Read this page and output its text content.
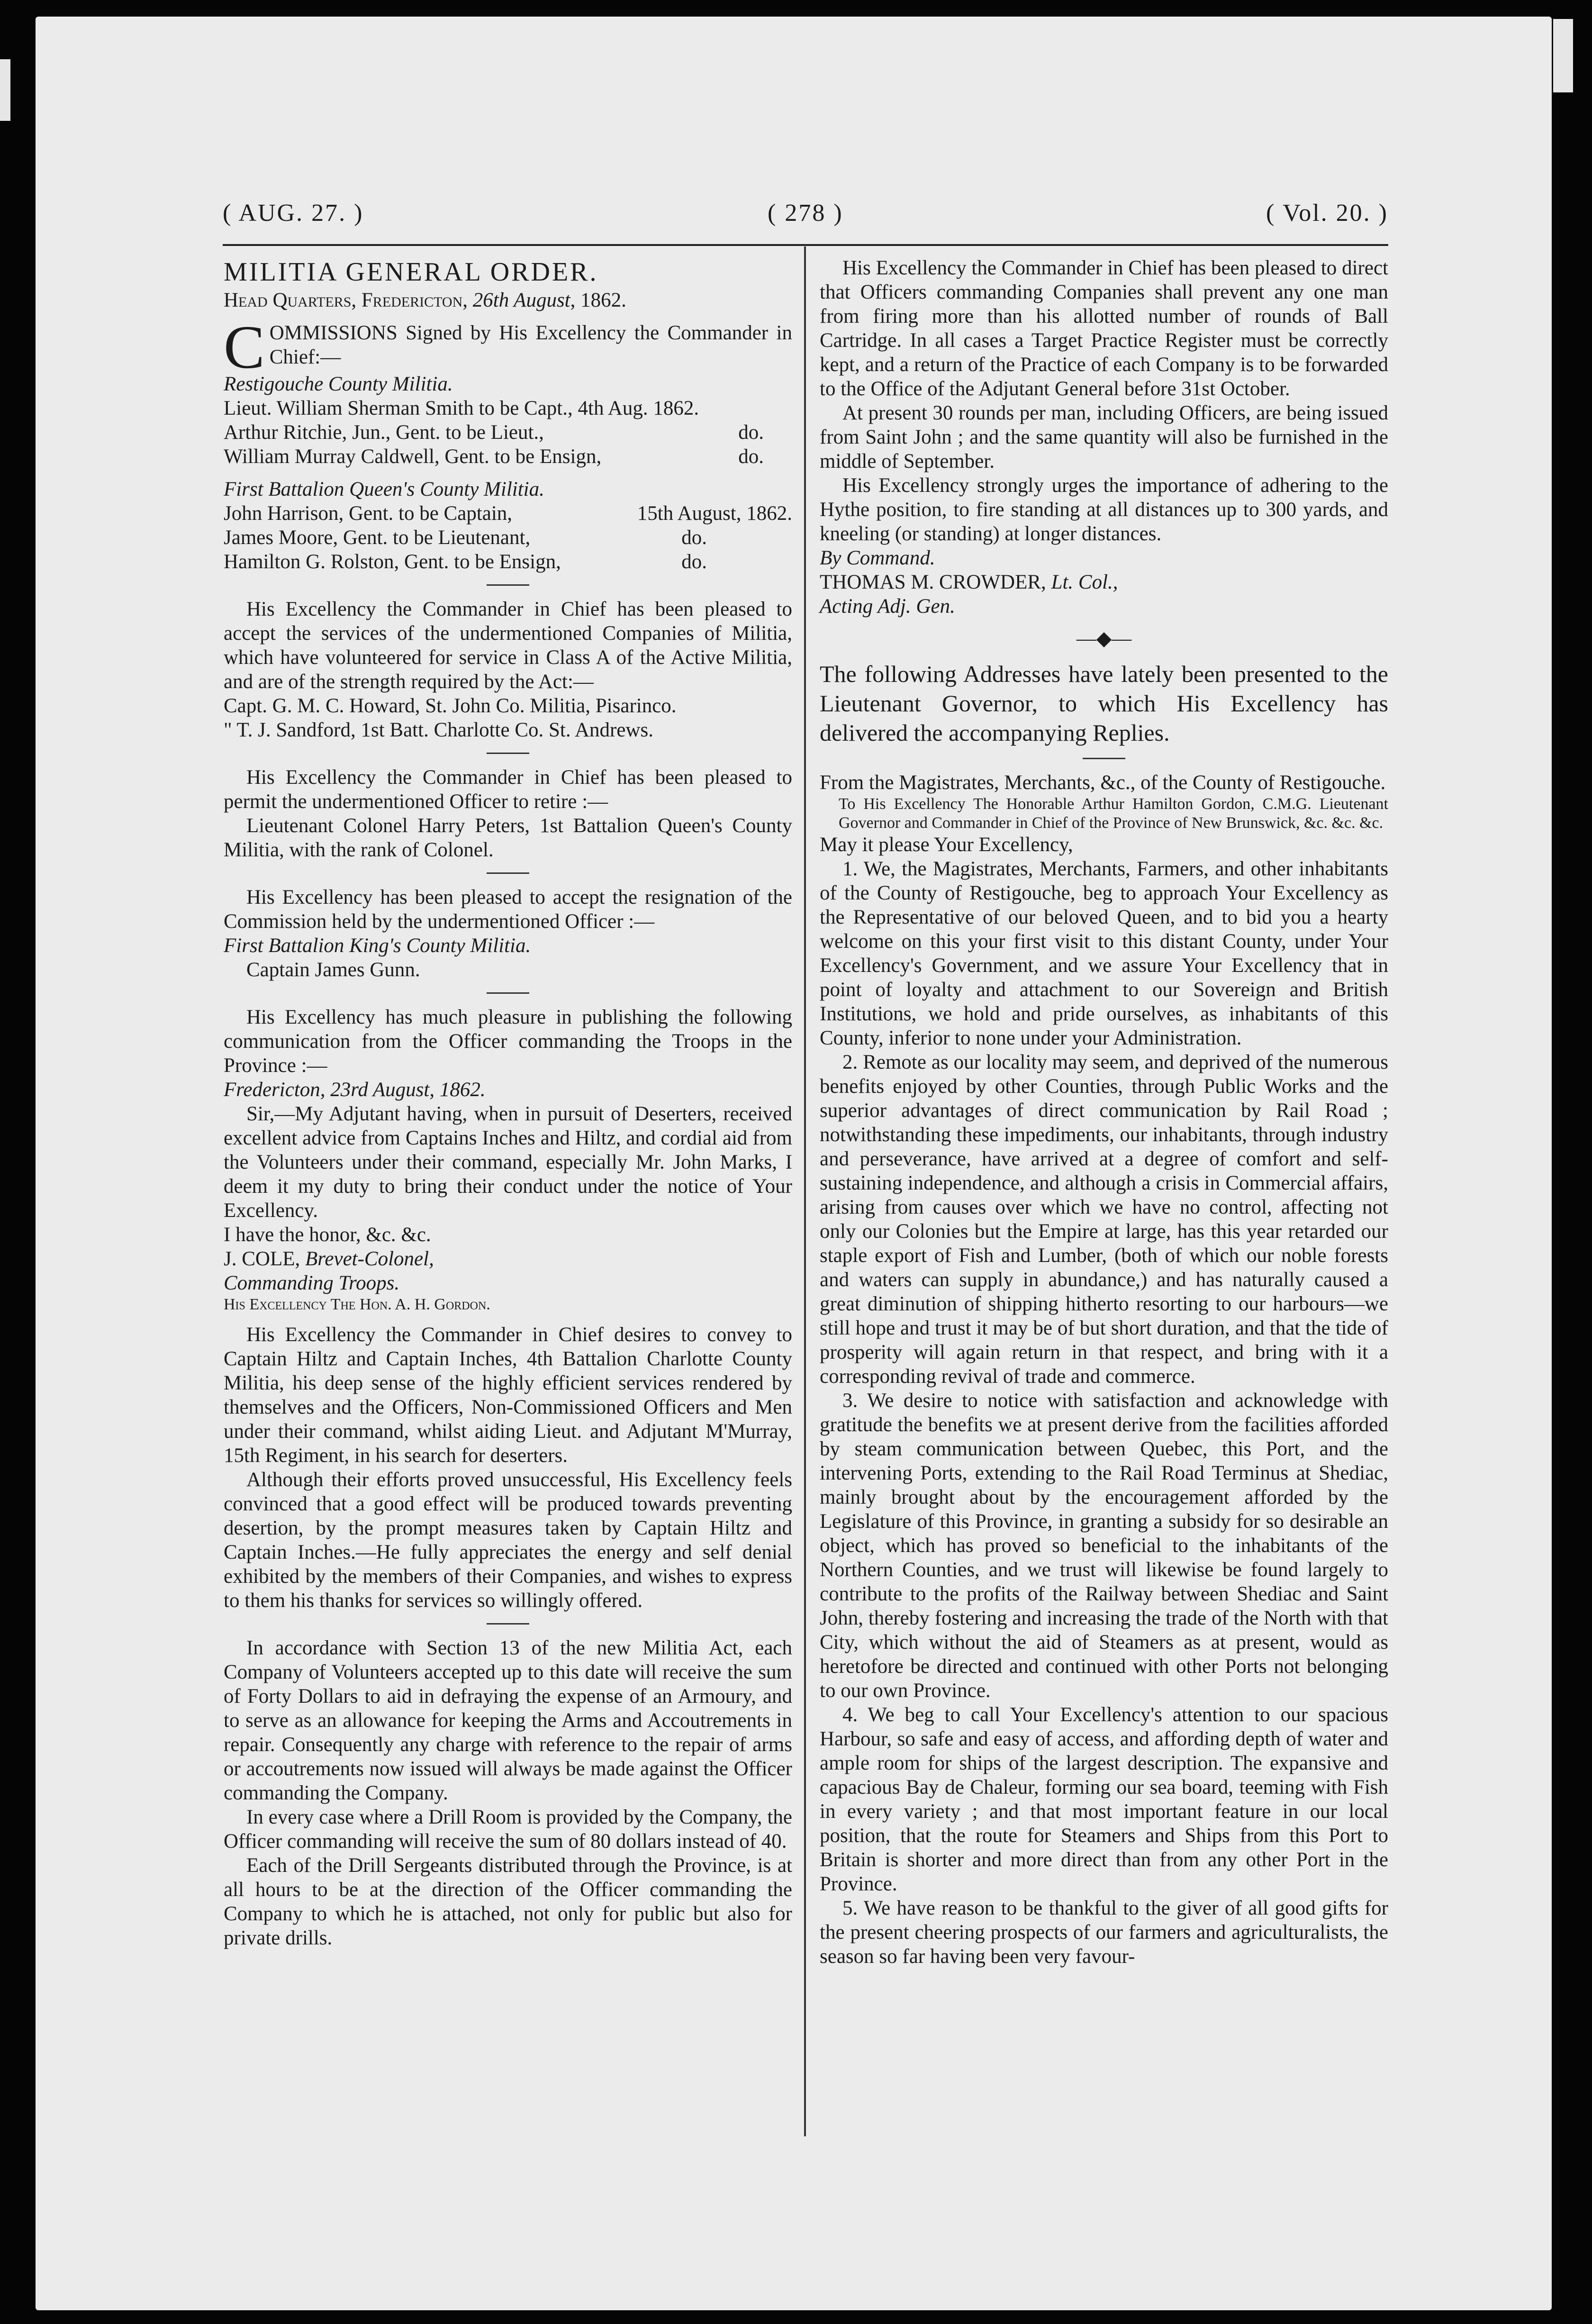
( AUG. 27. )	( 278 )	( Vol. 20. )

MILITIA GENERAL ORDER.

Head Quarters, Fredericton, 26th August, 1862.

COMMISSIONS Signed by His Excellency the Commander in Chief:—

Restigouche County Militia.

Lieut. William Sherman Smith to be Capt., 4th Aug. 1862.
Arthur Ritchie, Jun., Gent. to be Lieut.,	do.
William Murray Caldwell, Gent. to be Ensign,	do.

First Battalion Queen's County Militia.

John Harrison, Gent. to be Captain,	15th August, 1862.
James Moore, Gent. to be Lieutenant,	do.
Hamilton G. Rolston, Gent. to be Ensign,	do.

His Excellency the Commander in Chief has been pleased to accept the services of the undermentioned Companies of Militia, which have volunteered for service in Class A of the Active Militia, and are of the strength required by the Act:—

Capt. G. M. C. Howard, St. John Co. Militia, Pisarinco.

" T. J. Sandford, 1st Batt. Charlotte Co. St. Andrews.

His Excellency the Commander in Chief has been pleased to permit the undermentioned Officer to retire :—

Lieutenant Colonel Harry Peters, 1st Battalion Queen's County Militia, with the rank of Colonel.

His Excellency has been pleased to accept the resignation of the Commission held by the undermentioned Officer :—

First Battalion King's County Militia.

Captain James Gunn.

His Excellency has much pleasure in publishing the following communication from the Officer commanding the Troops in the Province :—

Fredericton, 23rd August, 1862.

Sir,—My Adjutant having, when in pursuit of Deserters, received excellent advice from Captains Inches and Hiltz, and cordial aid from the Volunteers under their command, especially Mr. John Marks, I deem it my duty to bring their conduct under the notice of Your Excellency.

I have the honor, &c. &c.

J. COLE, Brevet-Colonel,

Commanding Troops.

His Excellency The Hon. A. H. Gordon.

His Excellency the Commander in Chief desires to convey to Captain Hiltz and Captain Inches, 4th Battalion Charlotte County Militia, his deep sense of the highly efficient services rendered by themselves and the Officers, Non-Commissioned Officers and Men under their command, whilst aiding Lieut. and Adjutant M'Murray, 15th Regiment, in his search for deserters.

Although their efforts proved unsuccessful, His Excellency feels convinced that a good effect will be produced towards preventing desertion, by the prompt measures taken by Captain Hiltz and Captain Inches.—He fully appreciates the energy and self denial exhibited by the members of their Companies, and wishes to express to them his thanks for services so willingly offered.

In accordance with Section 13 of the new Militia Act, each Company of Volunteers accepted up to this date will receive the sum of Forty Dollars to aid in defraying the expense of an Armoury, and to serve as an allowance for keeping the Arms and Accoutrements in repair. Consequently any charge with reference to the repair of arms or accoutrements now issued will always be made against the Officer commanding the Company.

In every case where a Drill Room is provided by the Company, the Officer commanding will receive the sum of 80 dollars instead of 40.

Each of the Drill Sergeants distributed through the Province, is at all hours to be at the direction of the Officer commanding the Company to which he is attached, not only for public but also for private drills.

His Excellency the Commander in Chief has been pleased to direct that Officers commanding Companies shall prevent any one man from firing more than his allotted number of rounds of Ball Cartridge. In all cases a Target Practice Register must be correctly kept, and a return of the Practice of each Company is to be forwarded to the Office of the Adjutant General before 31st October.

At present 30 rounds per man, including Officers, are being issued from Saint John ; and the same quantity will also be furnished in the middle of September.

His Excellency strongly urges the importance of adhering to the Hythe position, to fire standing at all distances up to 300 yards, and kneeling (or standing) at longer distances.

By Command.

THOMAS M. CROWDER, Lt. Col.,

Acting Adj. Gen.

—◆—

The following Addresses have lately been presented to the Lieutenant Governor, to which His Excellency has delivered the accompanying Replies.

From the Magistrates, Merchants, &c., of the County of Restigouche.

To His Excellency The Honorable Arthur Hamilton Gordon, C.M.G. Lieutenant Governor and Commander in Chief of the Province of New Brunswick, &c. &c. &c.

May it please Your Excellency,

1. We, the Magistrates, Merchants, Farmers, and other inhabitants of the County of Restigouche, beg to approach Your Excellency as the Representative of our beloved Queen, and to bid you a hearty welcome on this your first visit to this distant County, under Your Excellency's Government, and we assure Your Excellency that in point of loyalty and attachment to our Sovereign and British Institutions, we hold and pride ourselves, as inhabitants of this County, inferior to none under your Administration.

2. Remote as our locality may seem, and deprived of the numerous benefits enjoyed by other Counties, through Public Works and the superior advantages of direct communication by Rail Road ; notwithstanding these impediments, our inhabitants, through industry and perseverance, have arrived at a degree of comfort and self-sustaining independence, and although a crisis in Commercial affairs, arising from causes over which we have no control, affecting not only our Colonies but the Empire at large, has this year retarded our staple export of Fish and Lumber, (both of which our noble forests and waters can supply in abundance,) and has naturally caused a great diminution of shipping hitherto resorting to our harbours—we still hope and trust it may be of but short duration, and that the tide of prosperity will again return in that respect, and bring with it a corresponding revival of trade and commerce.

3. We desire to notice with satisfaction and acknowledge with gratitude the benefits we at present derive from the facilities afforded by steam communication between Quebec, this Port, and the intervening Ports, extending to the Rail Road Terminus at Shediac, mainly brought about by the encouragement afforded by the Legislature of this Province, in granting a subsidy for so desirable an object, which has proved so beneficial to the inhabitants of the Northern Counties, and we trust will likewise be found largely to contribute to the profits of the Railway between Shediac and Saint John, thereby fostering and increasing the trade of the North with that City, which without the aid of Steamers as at present, would as heretofore be directed and continued with other Ports not belonging to our own Province.

4. We beg to call Your Excellency's attention to our spacious Harbour, so safe and easy of access, and affording depth of water and ample room for ships of the largest description. The expansive and capacious Bay de Chaleur, forming our sea board, teeming with Fish in every variety ; and that most important feature in our local position, that the route for Steamers and Ships from this Port to Britain is shorter and more direct than from any other Port in the Province.

5. We have reason to be thankful to the giver of all good gifts for the present cheering prospects of our farmers and agriculturalists, the season so far having been very favour-
